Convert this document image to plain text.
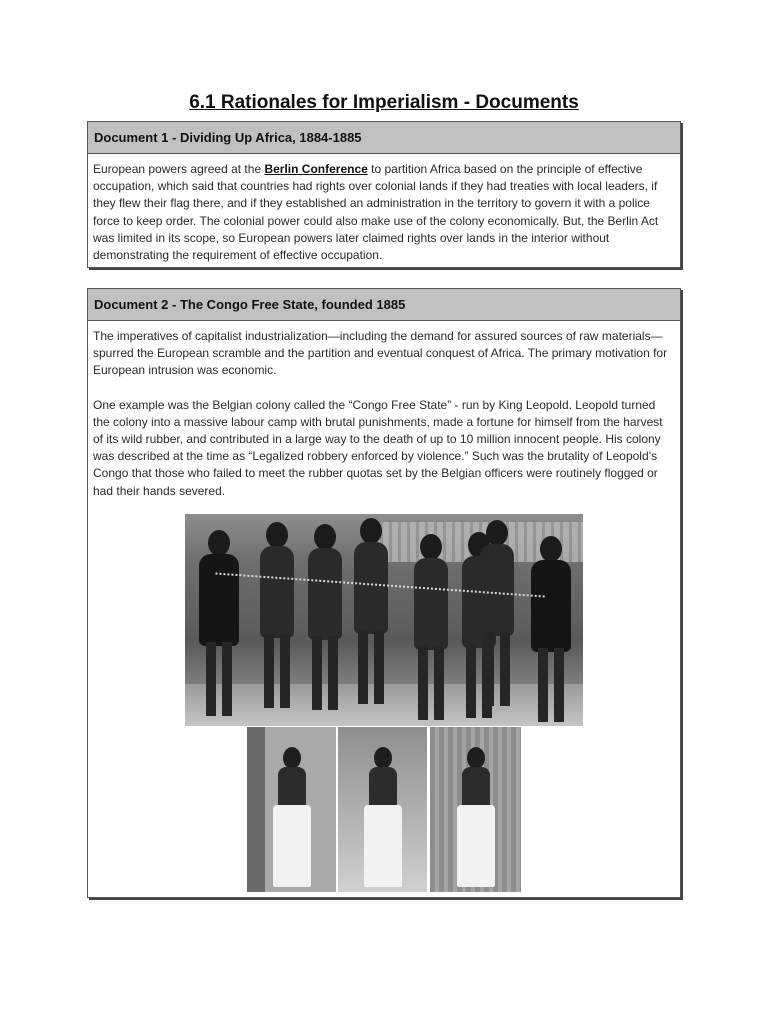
6.1 Rationales for Imperialism - Documents
Document 1 - Dividing Up Africa, 1884-1885

European powers agreed at the Berlin Conference to partition Africa based on the principle of effective occupation, which said that countries had rights over colonial lands if they had treaties with local leaders, if they flew their flag there, and if they established an administration in the territory to govern it with a police force to keep order. The colonial power could also make use of the colony economically. But, the Berlin Act was limited in its scope, so European powers later claimed rights over lands in the interior without demonstrating the requirement of effective occupation.

Document 2 - The Congo Free State, founded 1885

The imperatives of capitalist industrialization—including the demand for assured sources of raw materials—spurred the European scramble and the partition and eventual conquest of Africa. The primary motivation for European intrusion was economic.

One example was the Belgian colony called the “Congo Free State” - run by King Leopold. Leopold turned the colony into a massive labour camp with brutal punishments, made a fortune for himself from the harvest of its wild rubber, and contributed in a large way to the death of up to 10 million innocent people. His colony was described at the time as “Legalized robbery enforced by violence.” Such was the brutality of Leopold’s Congo that those who failed to meet the rubber quotas set by the Belgian officers were routinely flogged or had their hands severed.
